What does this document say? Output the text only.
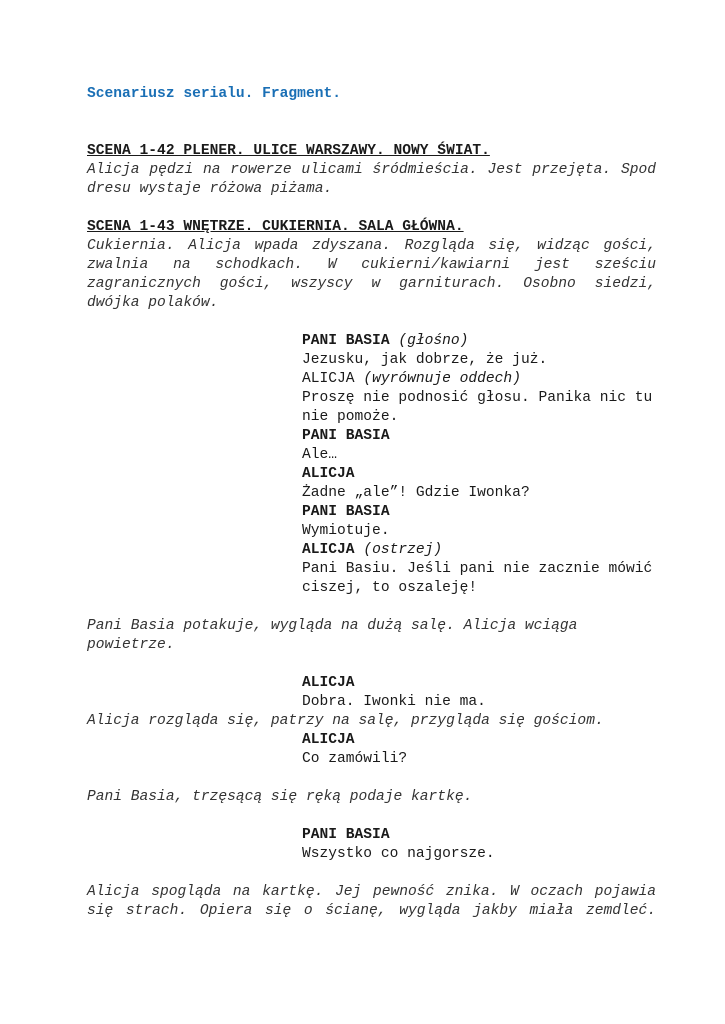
Scenariusz serialu. Fragment.
SCENA 1-42 PLENER. ULICE WARSZAWY. NOWY ŚWIAT.
Alicja pędzi na rowerze ulicami śródmieścia. Jest przejęta. Spod
dresu wystaje różowa piżama.
SCENA 1-43 WNĘTRZE. CUKIERNIA. SALA GŁÓWNA.
Cukiernia. Alicja wpada zdyszana. Rozgląda się, widząc gości,
zwalnia na schodkach. W cukierni/kawiarni jest sześciu
zagranicznych gości, wszyscy w garniturach. Osobno siedzi,
dwójka polaków.
PANI BASIA (głośno)
Jezusku, jak dobrze, że już.
ALICJA (wyrównuje oddech)
Proszę nie podnosić głosu. Panika nic tu
nie pomoże.
PANI BASIA
Ale…
ALICJA
Żadne „ale”! Gdzie Iwonka?
PANI BASIA
Wymiotuje.
ALICJA (ostrzej)
Pani Basiu. Jeśli pani nie zacznie mówić
ciszej, to oszaleję!
Pani Basia potakuje, wygląda na dużą salę. Alicja wciąga
powietrze.
ALICJA
Dobra. Iwonki nie ma.
Alicja rozgląda się, patrzy na salę, przygląda się gościom.
ALICJA
Co zamówili?
Pani Basia, trzęsącą się ręką podaje kartkę.
PANI BASIA
Wszystko co najgorsze.
Alicja spogląda na kartkę. Jej pewność znika. W oczach pojawia
się strach. Opiera się o ścianę, wygląda jakby miała zemdleć.
